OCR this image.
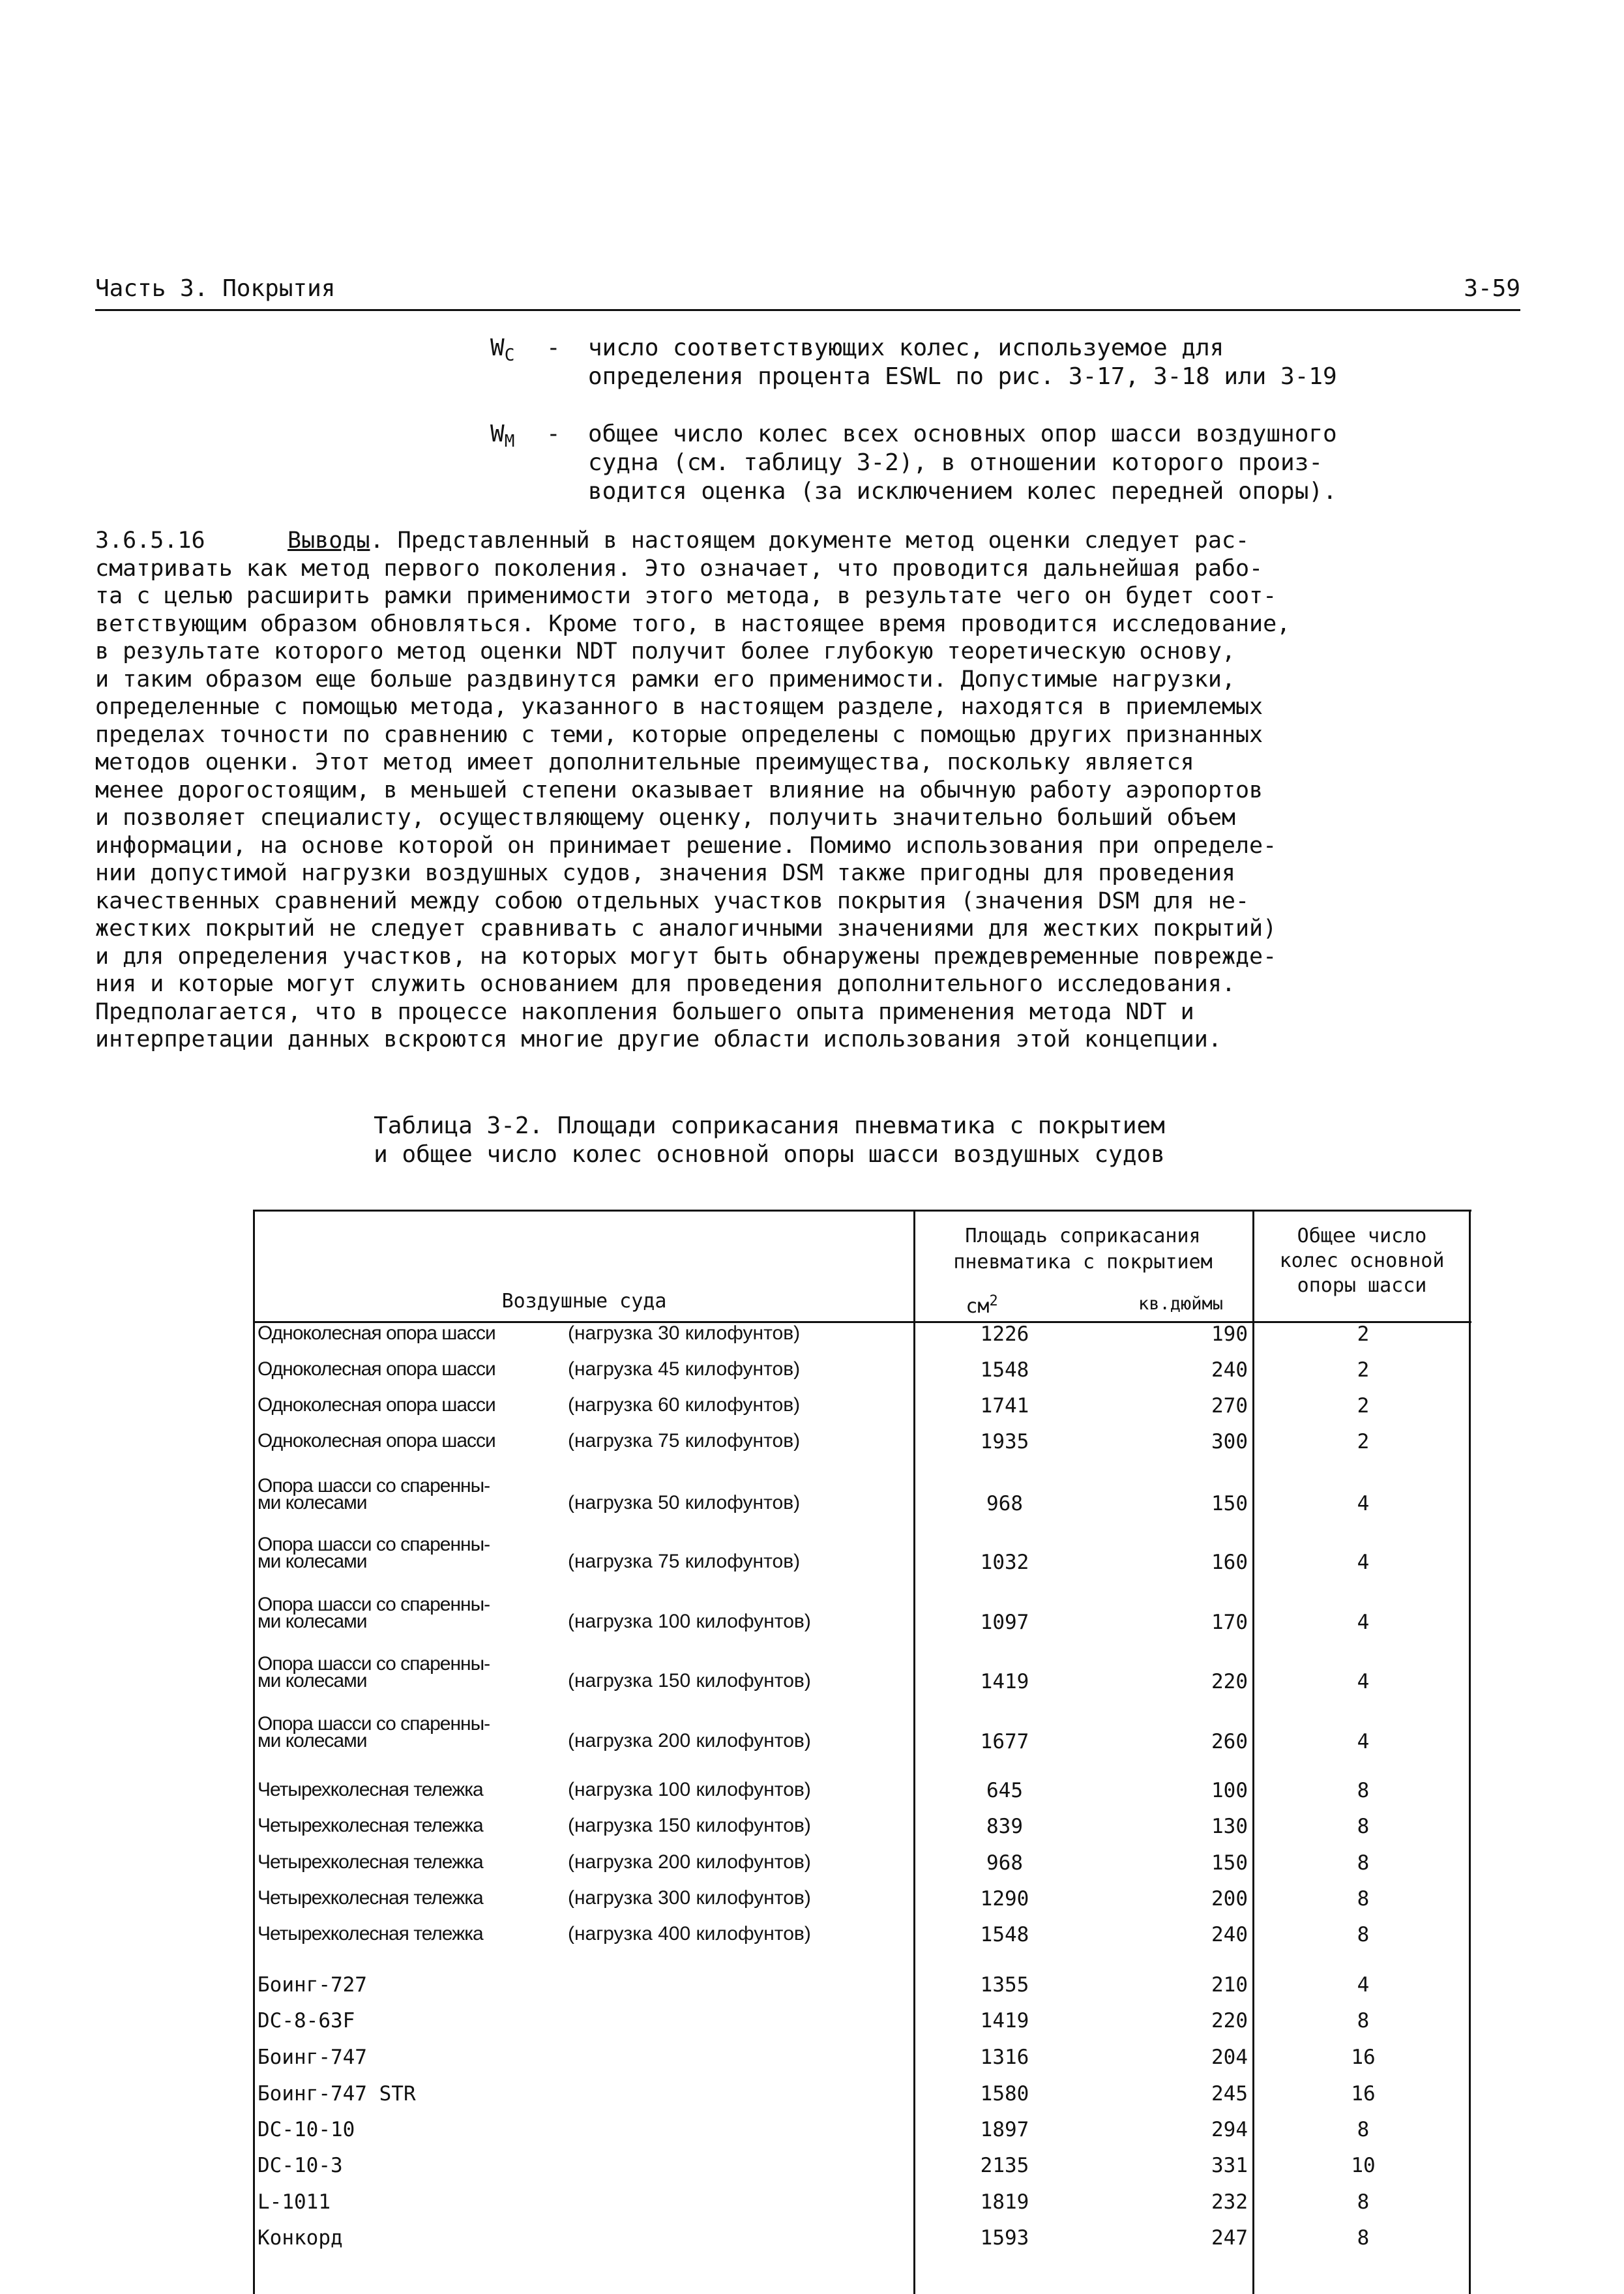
Часть 3. Покрытия	3-59
$W_C$ - число соответствующих колес, используемое для
определения процента ESWL по рис. 3-17, 3-18 или 3-19
$W_M$ - общее число колес всех основных опор шасси воздушного
судна (см. таблицу 3-2), в отношении которого произ-
водится оценка (за исключением колес передней опоры).
3.6.5.16	Выводы. Представленный в настоящем документе метод оценки следует рас-
сматривать как метод первого поколения. Это означает, что проводится дальнейшая рабо-
та с целью расширить рамки применимости этого метода, в результате чего он будет соот-
ветствующим образом обновляться. Кроме того, в настоящее время проводится исследование,
в результате которого метод оценки NDT получит более глубокую теоретическую основу,
и таким образом еще больше раздвинутся рамки его применимости. Допустимые нагрузки,
определенные с помощью метода, указанного в настоящем разделе, находятся в приемлемых
пределах точности по сравнению с теми, которые определены с помощью других признанных
методов оценки. Этот метод имеет дополнительные преимущества, поскольку является
менее дорогостоящим, в меньшей степени оказывает влияние на обычную работу аэропортов
и позволяет специалисту, осуществляющему оценку, получить значительно больший объем
информации, на основе которой он принимает решение. Помимо использования при определе-
нии допустимой нагрузки воздушных судов, значения DSM также пригодны для проведения
качественных сравнений между собою отдельных участков покрытия (значения DSM для не-
жестких покрытий не следует сравнивать с аналогичными значениями для жестких покрытий)
и для определения участков, на которых могут быть обнаружены преждевременные поврежде-
ния и которые могут служить основанием для проведения дополнительного исследования.
Предполагается, что в процессе накопления большего опыта применения метода NDT и
интерпретации данных вскроются многие другие области использования этой концепции.
Таблица 3-2. Площади соприкасания пневматика с покрытием
и общее число колес основной опоры шасси воздушных судов
Воздушные суда
Площадь соприкасания
пневматика с покрытием
$см^2$	кв.дюймы
Общее число
колес основной
опоры шасси
Одноколесная опора шасси	(нагрузка 30 килофунтов)	1226	190	2
Одноколесная опора шасси	(нагрузка 45 килофунтов)	1548	240	2
Одноколесная опора шасси	(нагрузка 60 килофунтов)	1741	270	2
Одноколесная опора шасси	(нагрузка 75 килофунтов)	1935	300	2
Опора шасси со спаренны-
ми колесами	(нагрузка 50 килофунтов)	968	150	4
Опора шасси со спаренны-
ми колесами	(нагрузка 75 килофунтов)	1032	160	4
Опора шасси со спаренны-
ми колесами	(нагрузка 100 килофунтов)	1097	170	4
Опора шасси со спаренны-
ми колесами	(нагрузка 150 килофунтов)	1419	220	4
Опора шасси со спаренны-
ми колесами	(нагрузка 200 килофунтов)	1677	260	4
Четырехколесная тележка	(нагрузка 100 килофунтов)	645	100	8
Четырехколесная тележка	(нагрузка 150 килофунтов)	839	130	8
Четырехколесная тележка	(нагрузка 200 килофунтов)	968	150	8
Четырехколесная тележка	(нагрузка 300 килофунтов)	1290	200	8
Четырехколесная тележка	(нагрузка 400 килофунтов)	1548	240	8
Боинг-727	1355	210	4
DC-8-63F	1419	220	8
Боинг-747	1316	204	16
Боинг-747 STR	1580	245	16
DC-10-10	1897	294	8
DC-10-3	2135	331	10
L-1011	1819	232	8
Конкорд	1593	247	8
